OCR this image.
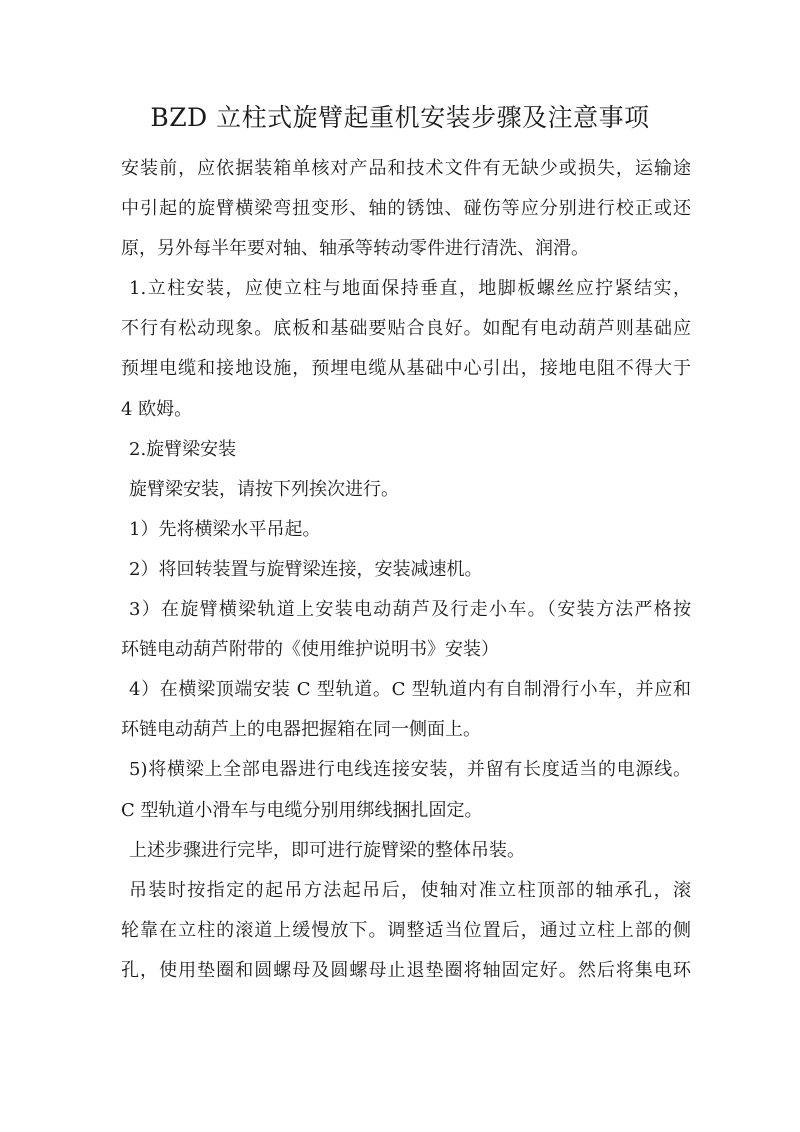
BZD 立柱式旋臂起重机安装步骤及注意事项
安装前，应依据装箱单核对产品和技术文件有无缺少或损失，运输途
中引起的旋臂横梁弯扭变形、轴的锈蚀、碰伤等应分别进行校正或还
原，另外每半年要对轴、轴承等转动零件进行清洗、润滑。
1.立柱安装，应使立柱与地面保持垂直，地脚板螺丝应拧紧结实，
不行有松动现象。底板和基础要贴合良好。如配有电动葫芦则基础应
预埋电缆和接地设施，预埋电缆从基础中心引出，接地电阻不得大于
4 欧姆。
2.旋臂梁安装
旋臂梁安装，请按下列挨次进行。
1）先将横梁水平吊起。
2）将回转装置与旋臂梁连接，安装减速机。
3）在旋臂横梁轨道上安装电动葫芦及行走小车。（安装方法严格按
环链电动葫芦附带的《使用维护说明书》安装）
4）在横梁顶端安装 C 型轨道。C 型轨道内有自制滑行小车，并应和
环链电动葫芦上的电器把握箱在同一侧面上。
5)将横梁上全部电器进行电线连接安装，并留有长度适当的电源线。
C 型轨道小滑车与电缆分别用绑线捆扎固定。
上述步骤进行完毕，即可进行旋臂梁的整体吊装。
吊装时按指定的起吊方法起吊后，使轴对准立柱顶部的轴承孔，滚
轮靠在立柱的滚道上缓慢放下。调整适当位置后，通过立柱上部的侧
孔，使用垫圈和圆螺母及圆螺母止退垫圈将轴固定好。然后将集电环
